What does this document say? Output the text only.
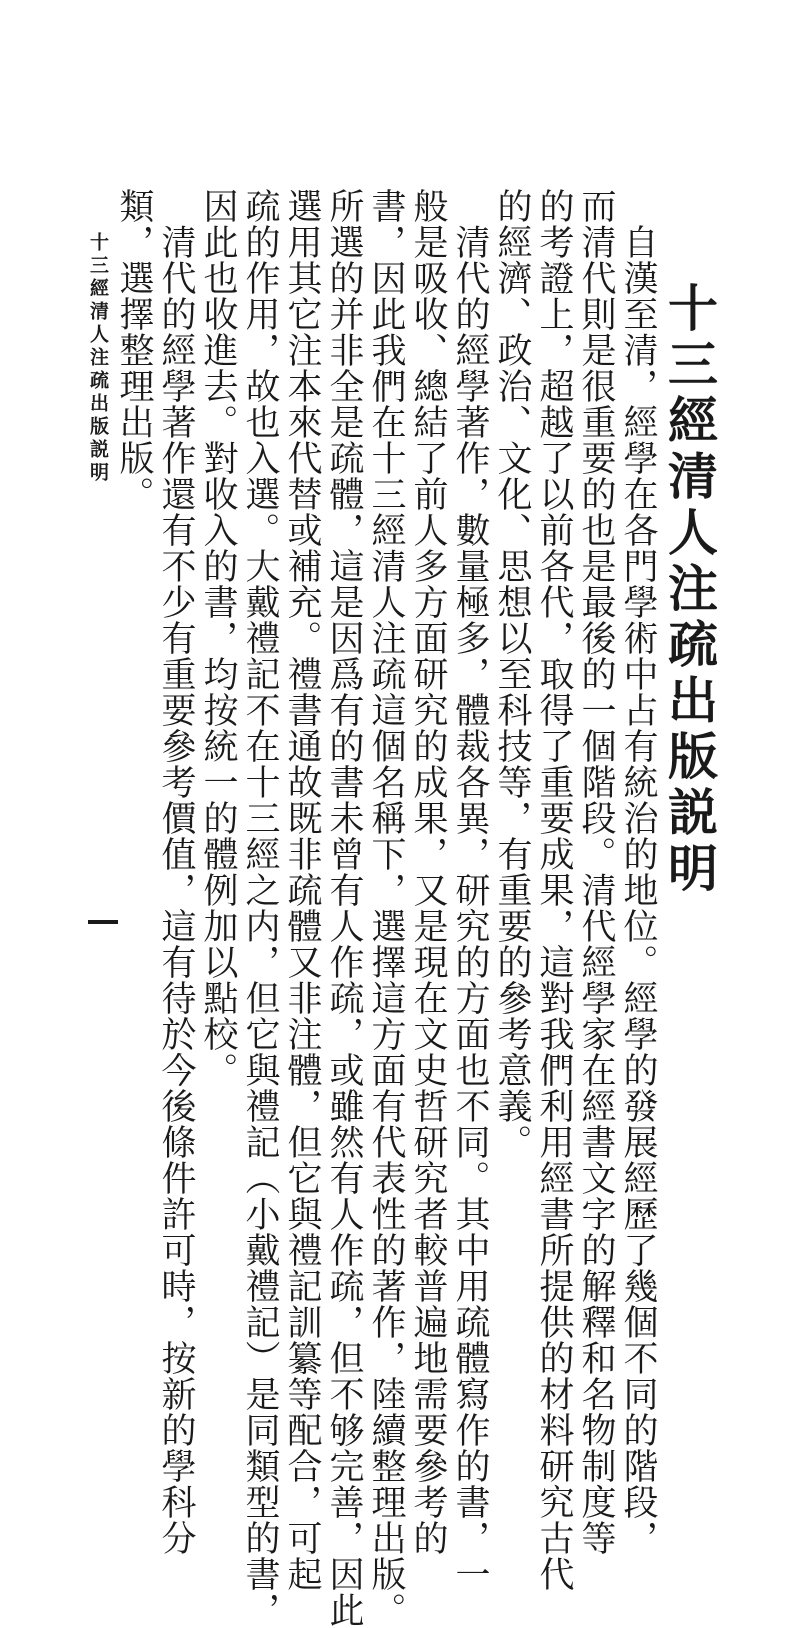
十三經清人注疏出版説明
自漢至清，經學在各門學術中占有統治的地位。經學的發展經歷了幾個不同的階段，
而清代則是很重要的也是最後的一個階段。清代經學家在經書文字的解釋和名物制度等
的考證上，超越了以前各代，取得了重要成果，這對我們利用經書所提供的材料研究古代
的經濟、政治、文化、思想以至科技等，有重要的參考意義。
清代的經學著作，數量極多，體裁各異，研究的方面也不同。其中用疏體寫作的書，一
般是吸收、總結了前人多方面研究的成果，又是現在文史哲研究者較普遍地需要參考的
書，因此我們在十三經清人注疏這個名稱下，選擇這方面有代表性的著作，陸續整理出版。
所選的并非全是疏體，這是因爲有的書未曾有人作疏，或雖然有人作疏，但不够完善，因此
選用其它注本來代替或補充。禮書通故既非疏體又非注體，但它與禮記訓纂等配合，可起
疏的作用，故也入選。大戴禮記不在十三經之内，但它與禮記（小戴禮記）是同類型的書，
因此也收進去。對收入的書，均按統一的體例加以點校。
清代的經學著作還有不少有重要參考價值，這有待於今後條件許可時，按新的學科分
類，選擇整理出版。
十三經清人注疏出版説明
